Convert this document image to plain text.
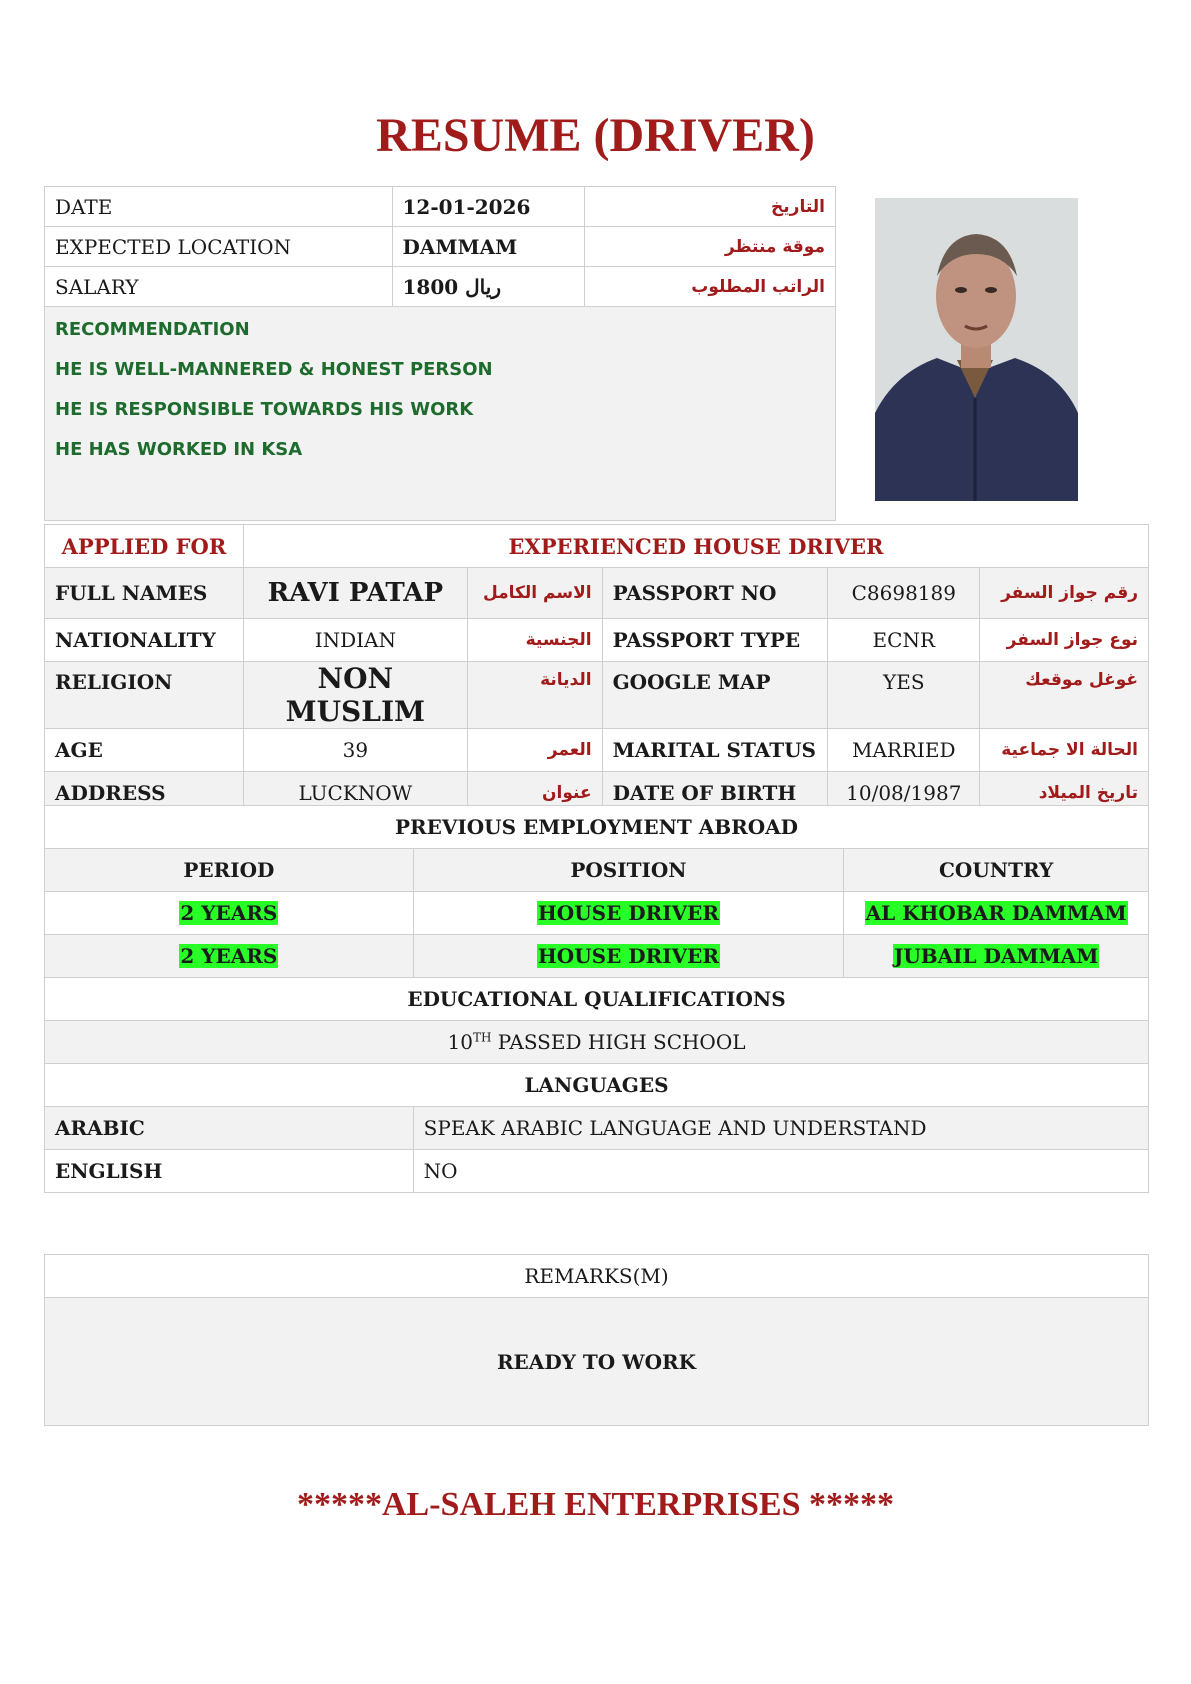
RESUME (DRIVER)
DATE	12-01-2026	التاريخ
EXPECTED LOCATION	DAMMAM	موقة منتظر
SALARY	1800 ريال	الراتب المطلوب

RECOMMENDATION
HE IS WELL-MANNERED & HONEST PERSON
HE IS RESPONSIBLE TOWARDS HIS WORK
HE HAS WORKED IN KSA		
APPLIED FOR	EXPERIENCED HOUSE DRIVER				
FULL NAMES	RAVI PATAP	الاسم الكامل	PASSPORT NO	C8698189	رقم جواز السفر
NATIONALITY	INDIAN	الجنسية	PASSPORT TYPE	ECNR	نوع جواز السفر
RELIGION	NON MUSLIM	الديانة	GOOGLE MAP	YES	غوغل موقعك
AGE	39	العمر	MARITAL STATUS	MARRIED	الحالة الا جماعية
ADDRESS	LUCKNOW	عنوان	DATE OF BIRTH	10/08/1987	تاريخ الميلاد
PREVIOUS EMPLOYMENT ABROAD		
PERIOD	POSITION	COUNTRY
2 YEARS	HOUSE DRIVER	AL KHOBAR DAMMAM
2 YEARS	HOUSE DRIVER	JUBAIL DAMMAM
EDUCATIONAL QUALIFICATIONS		
10TH PASSED HIGH SCHOOL		
LANGUAGES		
ARABIC	SPEAK ARABIC LANGUAGE AND UNDERSTAND	
ENGLISH	NO	
REMARKS(M)
READY TO WORK
*****AL-SALEH ENTERPRISES *****
